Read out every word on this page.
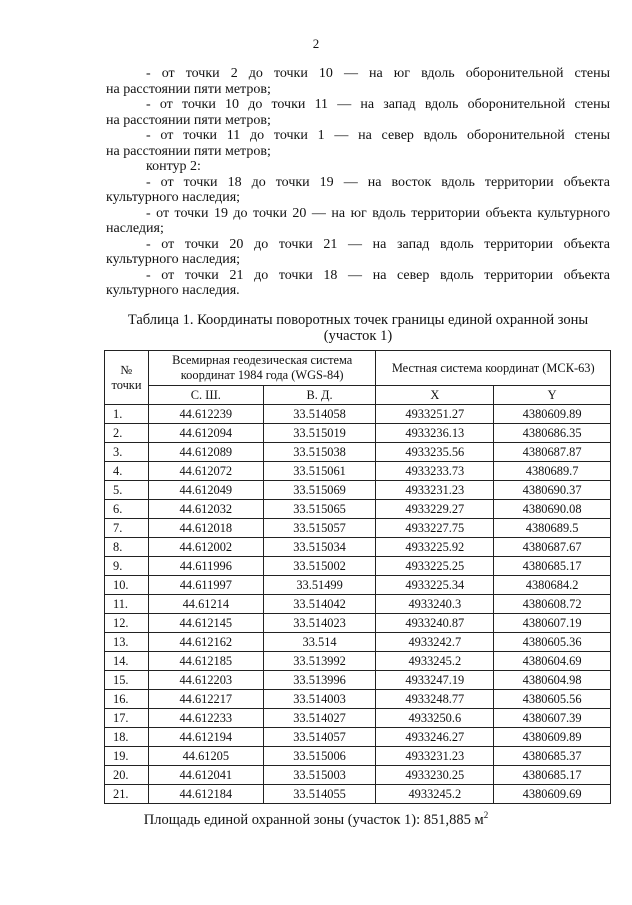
2

- от точки 2 до точки 10 — на юг вдоль оборонительной стены

на расстоянии пяти метров;

- от точки 10 до точки 11 — на запад вдоль оборонительной стены

на расстоянии пяти метров;

- от точки 11 до точки 1 — на север вдоль оборонительной стены

на расстоянии пяти метров;

контур 2:

- от точки 18 до точки 19 — на восток вдоль территории объекта

культурного наследия;

- от точки 19 до точки 20 — на юг вдоль территории объекта культурного

наследия;

- от точки 20 до точки 21 — на запад вдоль территории объекта

культурного наследия;

- от точки 21 до точки 18 — на север вдоль территории объекта

культурного наследия.

Таблица 1. Координаты поворотных точек границы единой охранной зоны
(участок 1)
№ точки	Всемирная геодезическая система координат 1984 года (WGS-84)		Местная система координат (МСК-63)	
	С. Ш.	В. Д.	X	Y
1.	44.612239	33.514058	4933251.27	4380609.89
2.	44.612094	33.515019	4933236.13	4380686.35
3.	44.612089	33.515038	4933235.56	4380687.87
4.	44.612072	33.515061	4933233.73	4380689.7
5.	44.612049	33.515069	4933231.23	4380690.37
6.	44.612032	33.515065	4933229.27	4380690.08
7.	44.612018	33.515057	4933227.75	4380689.5
8.	44.612002	33.515034	4933225.92	4380687.67
9.	44.611996	33.515002	4933225.25	4380685.17
10.	44.611997	33.51499	4933225.34	4380684.2
11.	44.61214	33.514042	4933240.3	4380608.72
12.	44.612145	33.514023	4933240.87	4380607.19
13.	44.612162	33.514	4933242.7	4380605.36
14.	44.612185	33.513992	4933245.2	4380604.69
15.	44.612203	33.513996	4933247.19	4380604.98
16.	44.612217	33.514003	4933248.77	4380605.56
17.	44.612233	33.514027	4933250.6	4380607.39
18.	44.612194	33.514057	4933246.27	4380609.89
19.	44.61205	33.515006	4933231.23	4380685.37
20.	44.612041	33.515003	4933230.25	4380685.17
21.	44.612184	33.514055	4933245.2	4380609.69
Площадь единой охранной зоны (участок 1): 851,885 $м^2$
